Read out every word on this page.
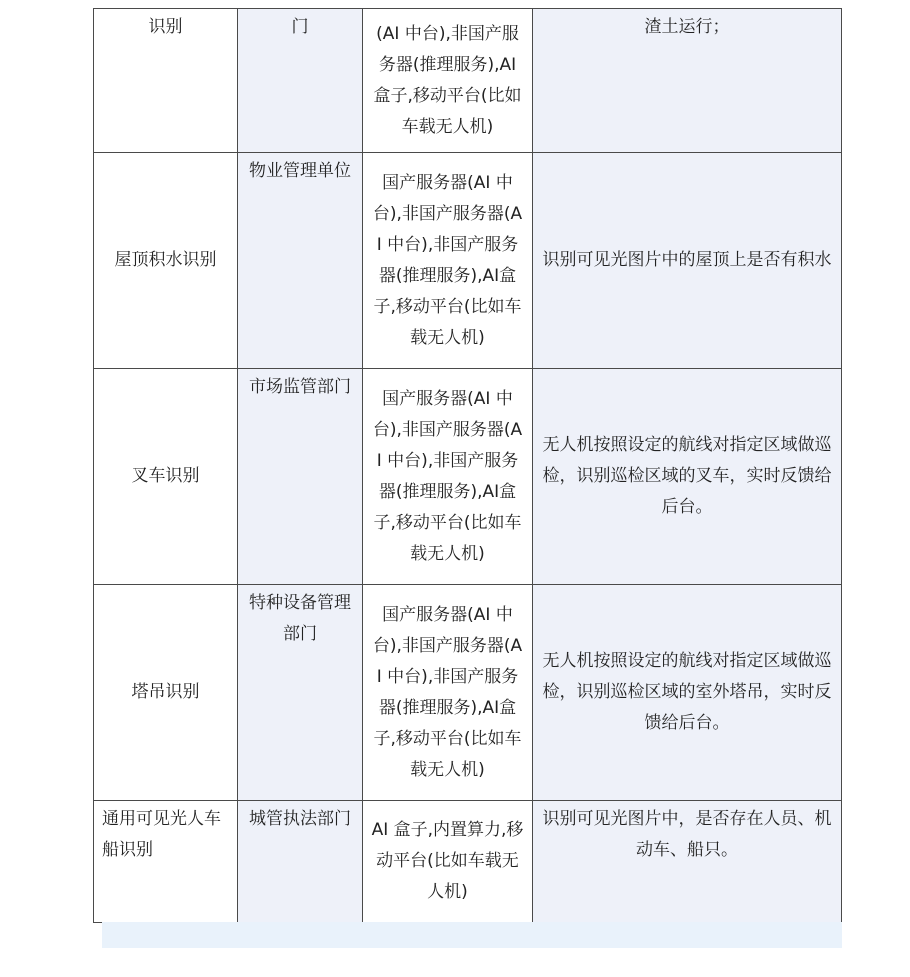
识别	门	(AI 中台),非国产服务器(推理服务),AI盒子,移动平台(比如车载无人机)	渣土运行；
屋顶积水识别	物业管理单位	国产服务器(AI 中台),非国产服务器(AI 中台),非国产服务器(推理服务),AI盒子,移动平台(比如车载无人机)	识别可见光图片中的屋顶上是否有积水
叉车识别	市场监管部门	国产服务器(AI 中台),非国产服务器(AI 中台),非国产服务器(推理服务),AI盒子,移动平台(比如车载无人机)	无人机按照设定的航线对指定区域做巡检，识别巡检区域的叉车，实时反馈给后台。
塔吊识别	特种设备管理部门	国产服务器(AI 中台),非国产服务器(AI 中台),非国产服务器(推理服务),AI盒子,移动平台(比如车载无人机)	无人机按照设定的航线对指定区域做巡检，识别巡检区域的室外塔吊，实时反馈给后台。
通用可见光人车船识别	城管执法部门	AI 盒子,内置算力,移动平台(比如车载无人机)	识别可见光图片中，是否存在人员、机动车、船只。
